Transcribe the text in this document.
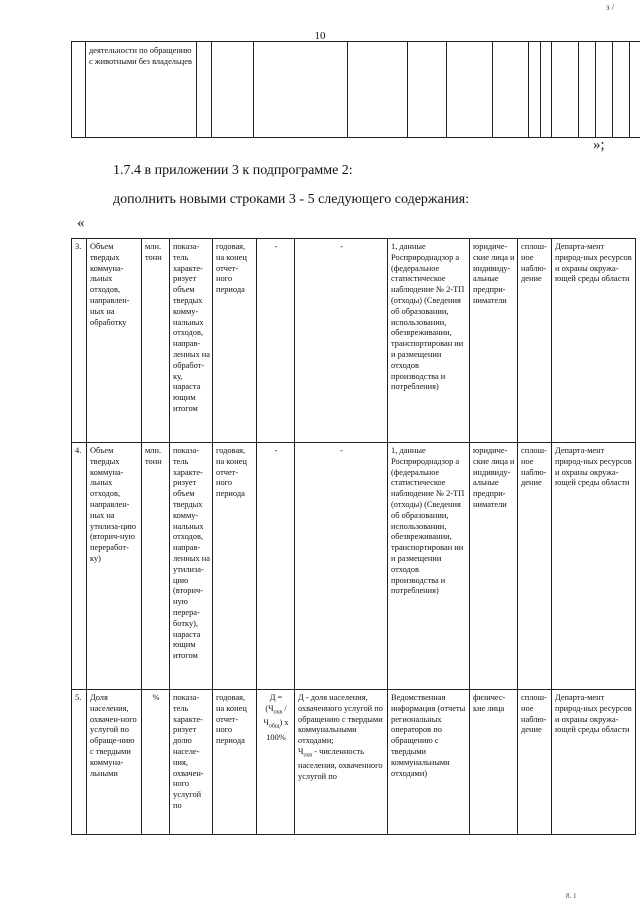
з /
10
	деятельности по обращению с животными без владельцев																
»;
1.7.4 в приложении 3 к подпрограмме 2:
дополнить новыми строками 3 - 5 следующего содержания:
«
3.	Объем твердых коммуна-льных отходов, направлен-ных на обработку	млн. тонн	показа-тель характе-ризует объем твердых комму-нальных отходов, направ-ленных на обработ-ку, нараста ющим итогом	годовая, на конец отчет-ного периода	-	-	1, данные Росприроднадзор а (федеральное статистическое наблюдение № 2-ТП (отходы) (Сведения об образовании, использовании, обезвреживании, транспортирован ии и размещении отходов производства и потребления)	юридиче-ские лица и индивиду-альные предпри-ниматели	сплош-ное наблю-дение	Департа-мент природ-ных ресурсов и охраны окружа-ющей среды области
4.	Объем твердых коммуна-льных отходов, направлен-ных на утилиза-цию (вторич-ную переработ-ку)	млн. тонн	показа-тель характе-ризует объем твердых комму-нальных отходов, направ-ленных на утилиза-цию (вторич-ную перера-ботку), нараста ющим итогом	годовая, на конец отчет-ного периода	-	-	1, данные Росприроднадзор а (федеральное статистическое наблюдение № 2-ТП (отходы) (Сведения об образовании, использовании, обезвреживании, транспортирован ии и размещении отходов производства и потребления)	юридиче-ские лица и индивиду-альные предпри-ниматели	сплош-ное наблю-дение	Департа-мент природ-ных ресурсов и охраны окружа-ющей среды области
5.	Доля населения, охвачен-ного услугой по обраще-нию с твердыми коммуна-льными	%	показа-тель характе-ризует долю населе-ния, охвачен-ного услугой по	годовая, на конец отчет-ного периода	Д =
($Ч_{охв}$ /
$Ч_{общ}$) х 100%	Д - доля населения, охваченного услугой по обращению с твердыми коммунальными отходами;
$Ч_{охв}$ - численность населения, охваченного услугой по	Ведомственная информация (отчеты региональных операторов по обращению с твердыми коммунальными отходами)	физичес-кие лица	сплош-ное наблю-дение	Департа-мент природ-ных ресурсов и охраны окружа-ющей среды области
8. 1
